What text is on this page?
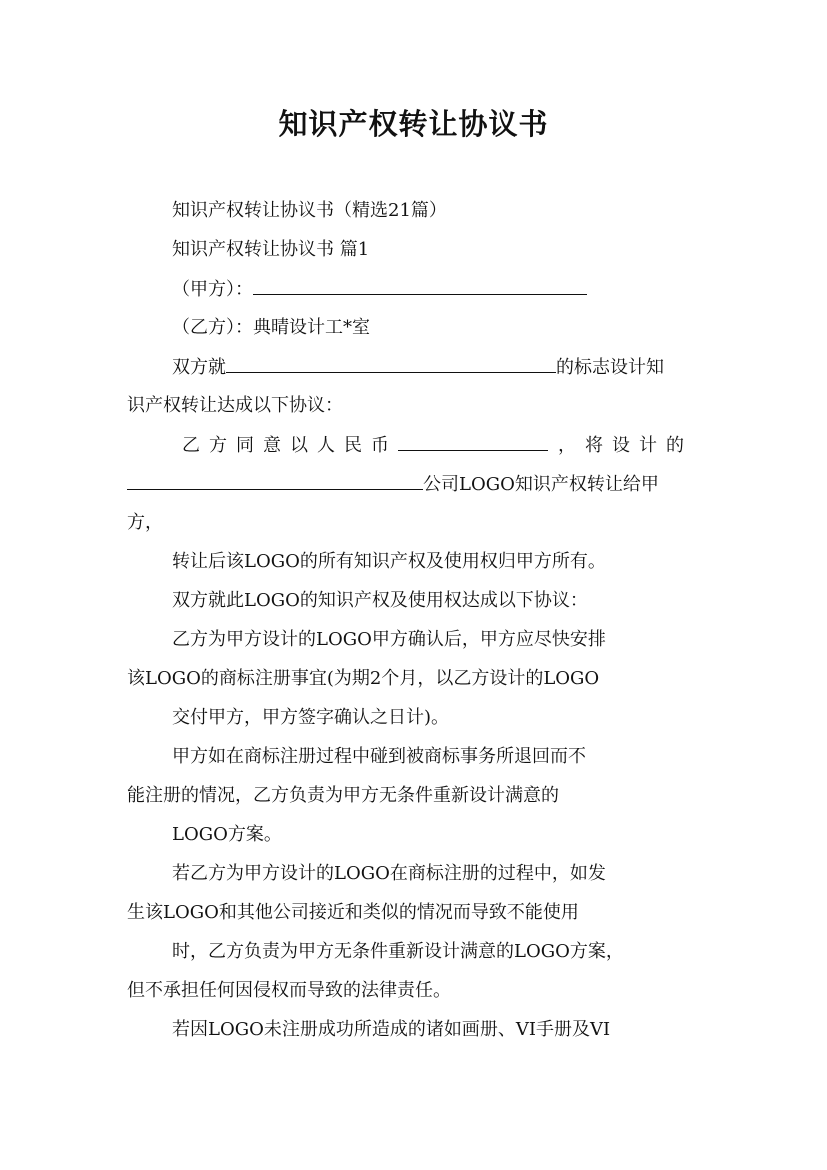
知识产权转让协议书
知识产权转让协议书（精选21篇）
知识产权转让协议书 篇1
（甲方）：
（乙方）：典晴设计工*室
双方就	的标志设计知
识产权转让达成以下协议：
乙方同意以人民币	，将设计的
公司LOGO知识产权转让给甲
方，
转让后该LOGO的所有知识产权及使用权归甲方所有。
双方就此LOGO的知识产权及使用权达成以下协议：
乙方为甲方设计的LOGO甲方确认后，甲方应尽快安排
该LOGO的商标注册事宜(为期2个月，以乙方设计的LOGO
交付甲方，甲方签字确认之日计)。
甲方如在商标注册过程中碰到被商标事务所退回而不
能注册的情况，乙方负责为甲方无条件重新设计满意的
LOGO方案。
若乙方为甲方设计的LOGO在商标注册的过程中，如发
生该LOGO和其他公司接近和类似的情况而导致不能使用
时，乙方负责为甲方无条件重新设计满意的LOGO方案，
但不承担任何因侵权而导致的法律责任。
若因LOGO未注册成功所造成的诸如画册、VI手册及VI
